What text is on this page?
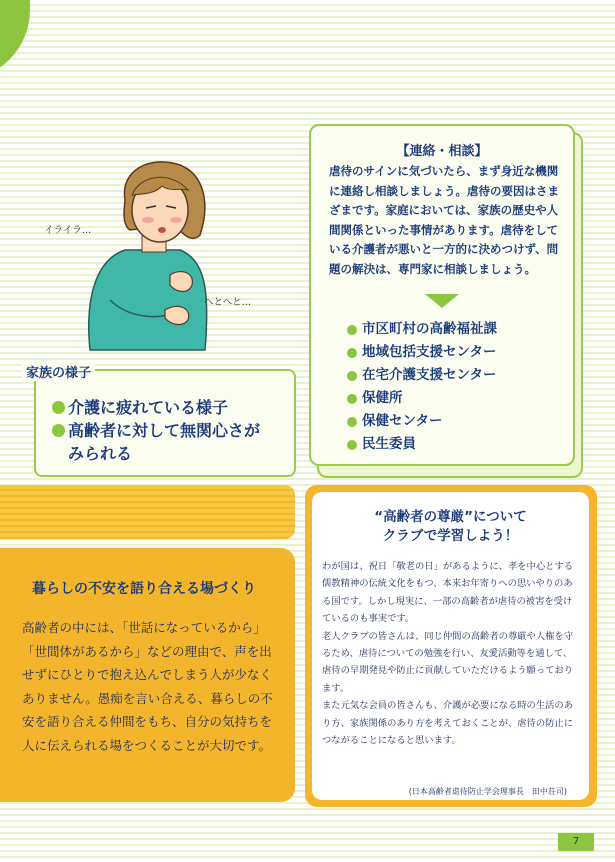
イライラ…
へとへと…
【連絡・相談】
虐待のサインに気づいたら、まず身近な機関に連絡し相談しましょう。虐待の要因はさまざまです。家庭においては、家族の歴史や人間関係といった事情があります。虐待をしている介護者が悪いと一方的に決めつけず、問題の解決は、専門家に相談しましょう。
市区町村の高齢福祉課
地域包括支援センター
在宅介護支援センター
保健所
保健センター
民生委員
家族の様子
介護に疲れている様子
高齢者に対して無関心さが
みられる
暮らしの不安を語り合える場づくり
高齢者の中には、「世話になっているから」「世間体があるから」などの理由で、声を出せずにひとりで抱え込んでしまう人が少なくありません。愚痴を言い合える、暮らしの不安を語り合える仲間をもち、自分の気持ちを人に伝えられる場をつくることが大切です。
“高齢者の尊厳”について
クラブで学習しよう！
わが国は、祝日「敬老の日」があるように、孝を中心とする儒教精神の伝統文化をもつ、本来お年寄りへの思いやりのある国です。しかし現実に、一部の高齢者が虐待の被害を受けているのも事実です。
老人クラブの皆さんは、同じ仲間の高齢者の尊厳や人権を守るため、虐待についての勉強を行い、友愛活動等を通して、虐待の早期発見や防止に貢献していただけるよう願っております。
また元気な会員の皆さんも、介護が必要になる時の生活のあり方、家族関係のあり方を考えておくことが、虐待の防止につながることになると思います。
(日本高齢者虐待防止学会理事長　田中荘司)
7
